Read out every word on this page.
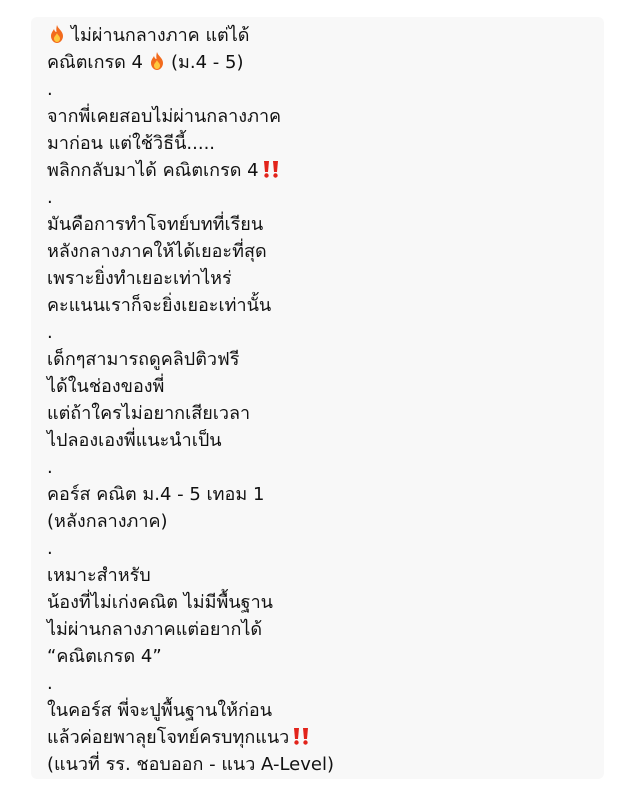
ไม่ผ่านกลางภาค แต่ได้
คณิตเกรด 4 (ม.4 - 5)
.
จากพี่เคยสอบไม่ผ่านกลางภาค
มาก่อน แต่ใช้วิธีนี้.....
พลิกกลับมาได้ คณิตเกรด 4
.
มันคือการทำโจทย์บทที่เรียน
หลังกลางภาคให้ได้เยอะที่สุด
เพราะยิ่งทำเยอะเท่าไหร่
คะแนนเราก็จะยิ่งเยอะเท่านั้น
.
เด็กๆสามารถดูคลิปติวฟรี
ได้ในช่องของพี่
แต่ถ้าใครไม่อยากเสียเวลา
ไปลองเองพี่แนะนำเป็น
.
คอร์ส คณิต ม.4 - 5 เทอม 1
(หลังกลางภาค)
.
เหมาะสำหรับ
น้องที่ไม่เก่งคณิต ไม่มีพื้นฐาน
ไม่ผ่านกลางภาคแต่อยากได้
“คณิตเกรด 4”
.
ในคอร์ส พี่จะปูพื้นฐานให้ก่อน
แล้วค่อยพาลุยโจทย์ครบทุกแนว
(แนวที่ รร. ชอบออก - แนว A-Level)
